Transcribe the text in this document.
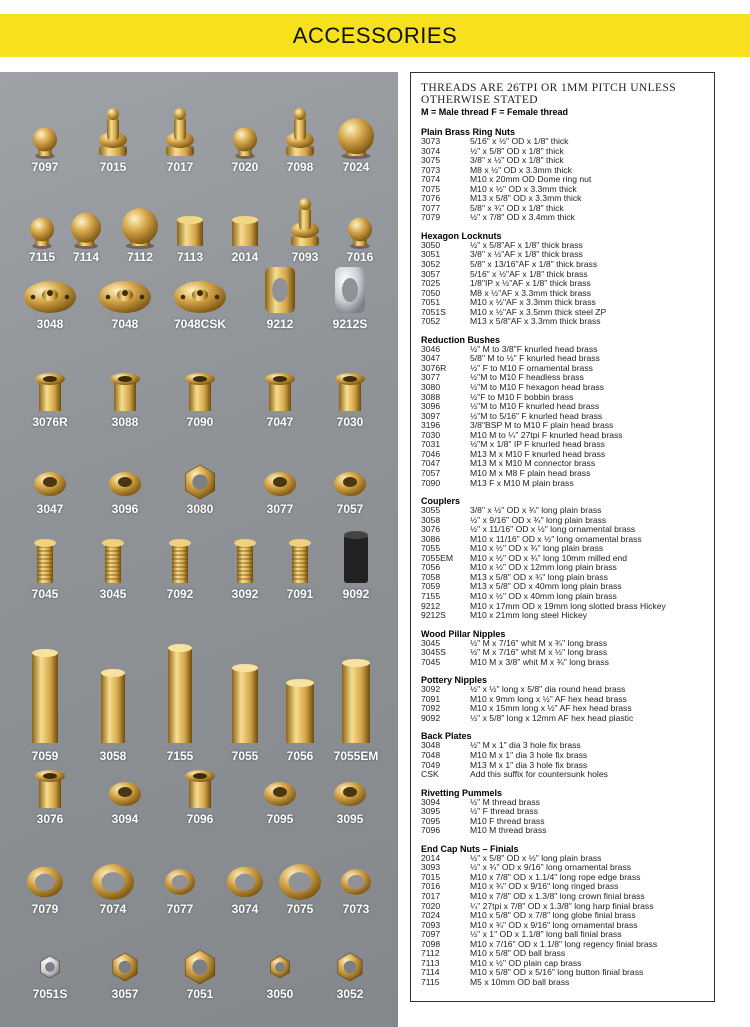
ACCESSORIES
7097	7015	7017	7020	7098	7024
7115	7114	7112	7113	2014	7093	7016
3048	7048	7048CSK	9212	9212S
3076R	3088	7090	7047	7030
3047	3096	3080	3077	7057
7045	3045	7092	3092	7091	9092
7059	3058	7155	7055	7056	7055EM
3076	3094	7096	7095	3095
7079	7074	7077	3074	7075	7073
7051S	3057	7051	3050	3052

THREADS ARE 26TPI OR 1MM PITCH UNLESS OTHERWISE STATED

M = Male thread F = Female thread

Plain Brass Ring Nuts

3073	5/16" x ½" OD x 1/8" thick
3074	½" x 5/8" OD x 1/8" thick
3075	3/8" x ½" OD x 1/8" thick
7073	M8 x ½" OD x 3.3mm thick
7074	M10 x 20mm OD Dome ring nut
7075	M10 x ½" OD x 3.3mm thick
7076	M13 x 5/8" OD x 3.3mm thick
7077	5/8" x ¾" OD x 1/8" thick
7079	½" x 7/8" OD x 3.4mm thick

Hexagon Locknuts

3050	½" x 5/8"AF x 1/8" thick brass
3051	3/8" x ½"AF x 1/8" thick brass
3052	5/8" x 13/16"AF x 1/8" thick brass
3057	5/16" x ½"AF x 1/8" thick brass
7025	1/8"IP x ½"AF x 1/8" thick brass
7050	M8 x ½"AF x 3.3mm thick brass
7051	M10 x ½"AF x 3.3mm thick brass
7051S	M10 x ½"AF x 3.5mm thick steel ZP
7052	M13 x 5/8"AF x 3.3mm thick brass

Reduction Bushes

3046	½" M to 3/8"F knurled head brass
3047	5/8" M to ½" F knurled head brass
3076R	½" F to M10 F ornamental brass
3077	½"M to M10 F headless brass
3080	½"M to M10 F hexagon head brass
3088	½"F to M10 F bobbin brass
3096	½"M to M10 F knurled head brass
3097	½"M to 5/16" F knurled head brass
3196	3/8"BSP M to M10 F plain head brass
7030	M10 M to ¼" 27tpi F knurled head brass
7031	½"M x 1/8" IP F knurled head brass
7046	M13 M x M10 F knurled head brass
7047	M13 M x M10 M connector brass
7057	M10 M x M8 F plain head brass
7090	M13 F x M10 M plain brass

Couplers

3055	3/8" x ½" OD x ¾" long plain brass
3058	½" x 9/16" OD x ¾" long plain brass
3076	½" x 11/16" OD x ½" long ornamental brass
3086	M10 x 11/16" OD x ½" long ornamental brass
7055	M10 x ½" OD x ¾" long plain brass
7055EM	M10 x ½" OD x ¾" long 10mm milled end
7056	M10 x ½" OD x 12mm long plain brass
7058	M13 x 5/8" OD x ¾" long plain brass
7059	M13 x 5/8" OD x 40mm long plain brass
7155	M10 x ½" OD x 40mm long plain brass
9212	M10 x 17mm OD x 19mm long slotted brass Hickey
9212S	M10 x 21mm long steel Hickey

Wood Pillar Nipples

3045	½" M x 7/16" whit M x ¾" long brass
3045S	½" M x 7/16" whit M x ½" long brass
7045	M10 M x 3/8" whit M x ¾" long brass

Pottery Nipples

3092	½" x ½" long x 5/8" dia round head brass
7091	M10 x 9mm long x ½" AF hex head brass
7092	M10 x 15mm long x ½" AF hex head brass
9092	½" x 5/8" long x 12mm AF hex head plastic

Back Plates

3048	½" M x 1" dia 3 hole fix brass
7048	M10 M x 1" dia 3 hole fix brass
7049	M13 M x 1" dia 3 hole fix brass
CSK	Add this suffix for countersunk holes

Rivetting Pummels

3094	½" M thread brass
3095	½" F thread brass
7095	M10 F thread brass
7096	M10 M thread brass

End Cap Nuts – Finials

2014	½" x 5/8" OD x ½" long plain brass
3093	½" x ¾" OD x 9/16" long ornamental brass
7015	M10 x 7/8" OD x 1.1/4" long rope edge brass
7016	M10 x ¾" OD x 9/16" long ringed brass
7017	M10 x 7/8" OD x 1.3/8" long crown finial brass
7020	¼" 27tpi x 7/8" OD x 1.3/8" long harp finial brass
7024	M10 x 5/8" OD x 7/8" long globe finial brass
7093	M10 x ¾" OD x 9/16" long ornamental brass
7097	½" x 1" OD x 1.1/8" long ball finial brass
7098	M10 x 7/16" OD x 1.1/8" long regency finial brass
7112	M10 x 5/8" OD ball brass
7113	M10 x ½" OD plain cap brass
7114	M10 x 5/8" OD x 5/16" long button finial brass
7115	M5 x 10mm OD ball brass
